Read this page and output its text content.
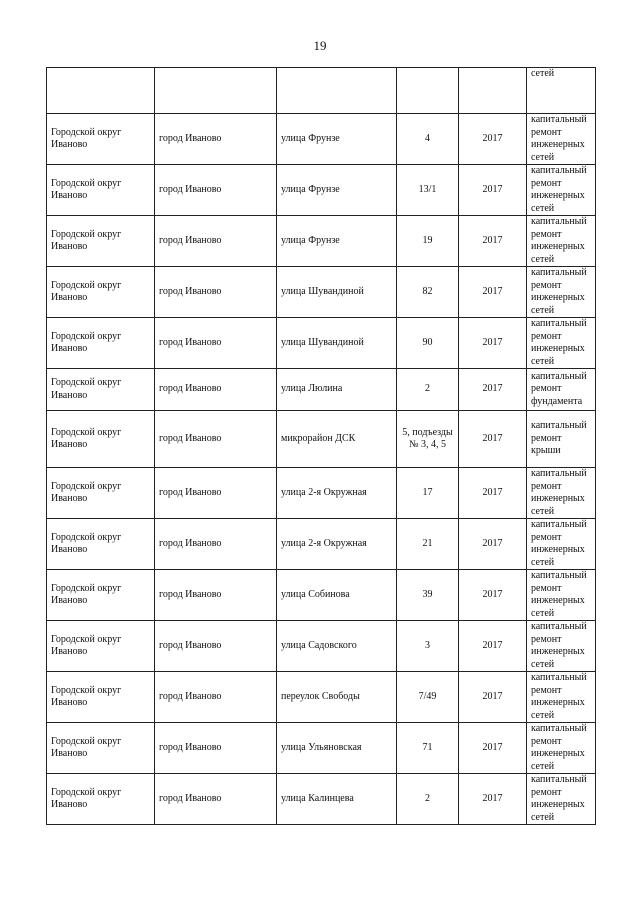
19
					сетей
Городской округ Иваново	город Иваново	улица Фрунзе	4	2017	капитальный ремонт инженерных сетей
Городской округ Иваново	город Иваново	улица Фрунзе	13/1	2017	капитальный ремонт инженерных сетей
Городской округ Иваново	город Иваново	улица Фрунзе	19	2017	капитальный ремонт инженерных сетей
Городской округ Иваново	город Иваново	улица Шувандиной	82	2017	капитальный ремонт инженерных сетей
Городской округ Иваново	город Иваново	улица Шувандиной	90	2017	капитальный ремонт инженерных сетей
Городской округ Иваново	город Иваново	улица Люлина	2	2017	капитальный ремонт фундамента
Городской округ Иваново	город Иваново	микрорайон ДСК	5, подъезды № 3, 4, 5	2017	капитальный ремонт крыши
Городской округ Иваново	город Иваново	улица 2-я Окружная	17	2017	капитальный ремонт инженерных сетей
Городской округ Иваново	город Иваново	улица 2-я Окружная	21	2017	капитальный ремонт инженерных сетей
Городской округ Иваново	город Иваново	улица Собинова	39	2017	капитальный ремонт инженерных сетей
Городской округ Иваново	город Иваново	улица Садовского	3	2017	капитальный ремонт инженерных сетей
Городской округ Иваново	город Иваново	переулок Свободы	7/49	2017	капитальный ремонт инженерных сетей
Городской округ Иваново	город Иваново	улица Ульяновская	71	2017	капитальный ремонт инженерных сетей
Городской округ Иваново	город Иваново	улица Калинцева	2	2017	капитальный ремонт инженерных сетей
